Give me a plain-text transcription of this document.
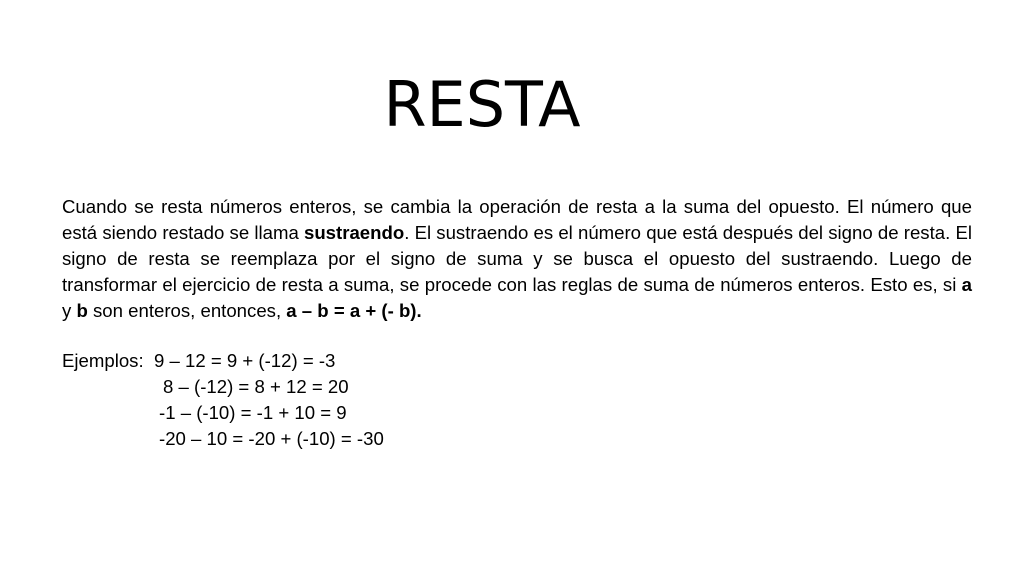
RESTA

Cuando se resta números enteros, se cambia la operación de resta a la suma del opuesto. El número que está siendo restado se llama sustraendo. El sustraendo es el número que está después del signo de resta. El signo de resta se reemplaza por el signo de suma y se busca el opuesto del sustraendo. Luego de transformar el ejercicio de resta a suma, se procede con las reglas de suma de números enteros. Esto es, si a y b son enteros, entonces, a – b = a + (- b).

Ejemplos:  9 – 12 = 9 + (-12) = -3
8 – (-12) = 8 + 12 = 20
-1 – (-10) = -1 + 10 = 9
-20 – 10 = -20 + (-10) = -30
